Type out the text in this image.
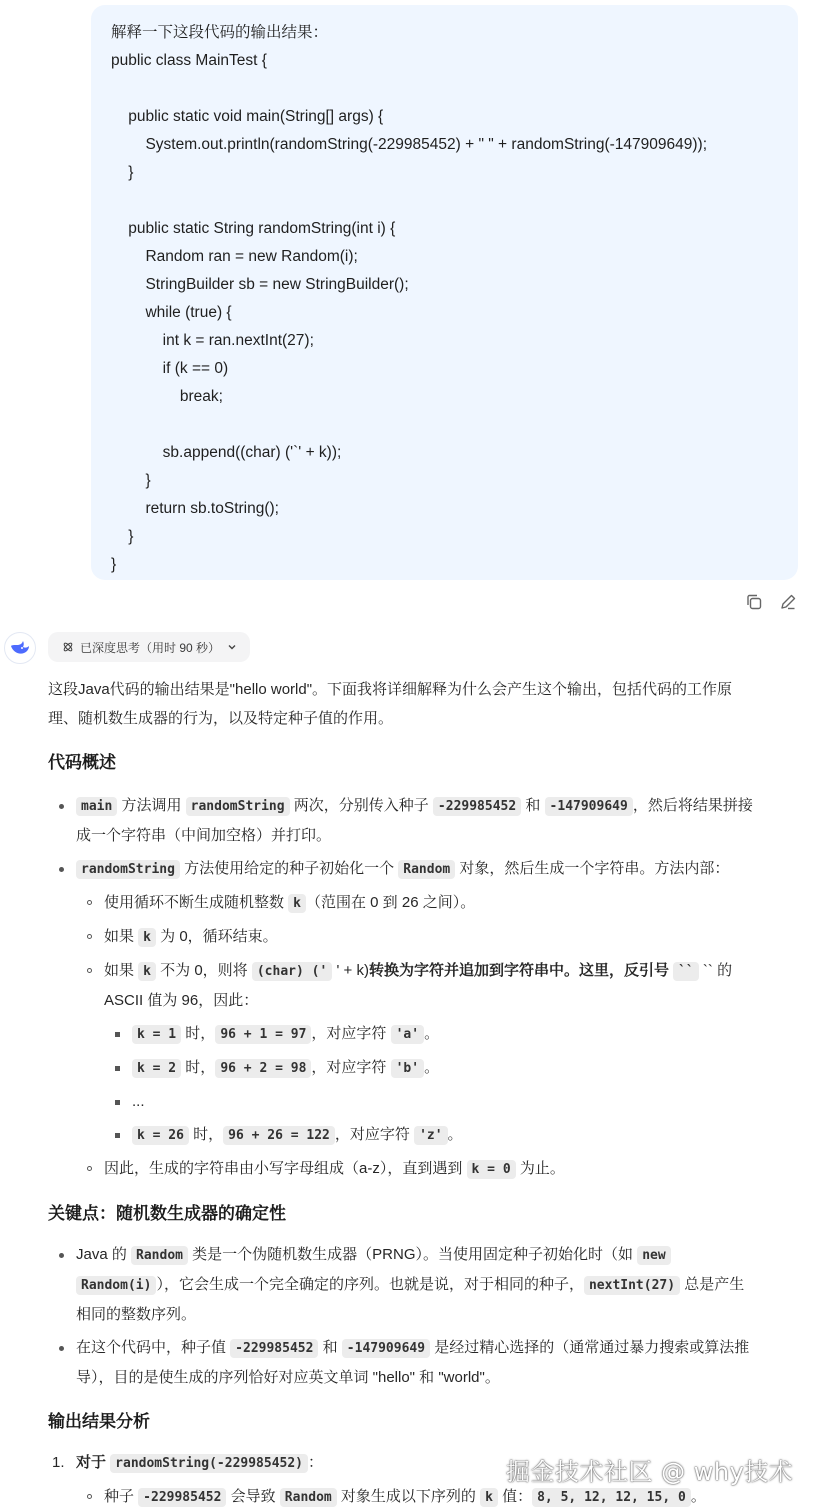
解释一下这段代码的输出结果：
public class MainTest {
public static void main(String[] args) {
System.out.println(randomString(-229985452) + " " + randomString(-147909649));
}
public static String randomString(int i) {
Random ran = new Random(i);
StringBuilder sb = new StringBuilder();
while (true) {
int k = ran.nextInt(27);
if (k == 0)
break;
sb.append((char) ('`' + k));
}
return sb.toString();
}
}
已深度思考（用时 90 秒）

这段Java代码的输出结果是"hello world"。下面我将详细解释为什么会产生这个输出，包括代码的工作原
理、随机数生成器的行为，以及特定种子值的作用。

代码概述
main 方法调用 randomString 两次，分别传入种子 -229985452 和 -147909649 ，然后将结果拼接
成一个字符串（中间加空格）并打印。
randomString 方法使用给定的种子初始化一个 Random 对象，然后生成一个字符串。方法内部：
使用循环不断生成随机整数 k （范围在 0 到 26 之间）。
如果 k 为 0，循环结束。
如果 k 不为 0，则将 (char) (' ' + k)转换为字符并追加到字符串中。这里，反引号 `` `` 的
ASCII 值为 96，因此：
k = 1 时， 96 + 1 = 97 ，对应字符 'a' 。
k = 2 时， 96 + 2 = 98 ，对应字符 'b' 。
...
k = 26 时， 96 + 26 = 122 ，对应字符 'z' 。
因此，生成的字符串由小写字母组成（a-z），直到遇到 k = 0 为止。
关键点：随机数生成器的确定性
Java 的 Random 类是一个伪随机数生成器（PRNG）。当使用固定种子初始化时（如 new
Random(i) ），它会生成一个完全确定的序列。也就是说，对于相同的种子， nextInt(27) 总是产生
相同的整数序列。
在这个代码中，种子值 -229985452 和 -147909649 是经过精心选择的（通常通过暴力搜索或算法推
导），目的是使生成的序列恰好对应英文单词 "hello" 和 "world"。
输出结果分析
1. 对于 randomString(-229985452) ：
种子 -229985452 会导致 Random 对象生成以下序列的 k 值： 8, 5, 12, 12, 15, 0 。
掘金技术社区 @ why技术
